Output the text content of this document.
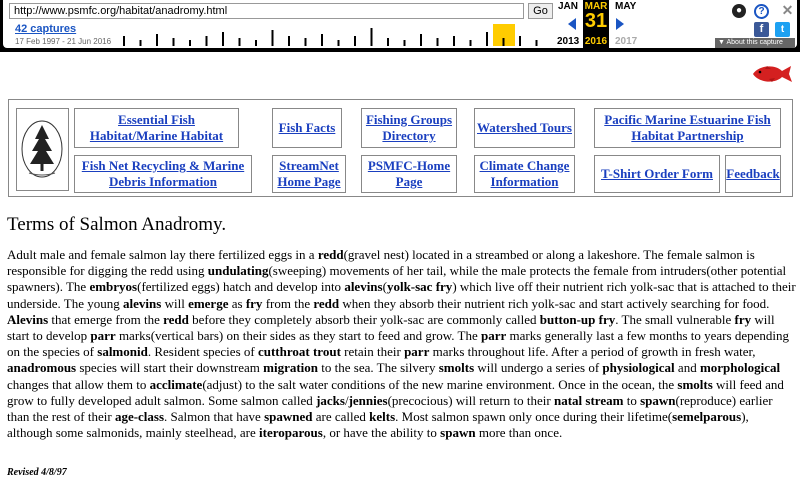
http://www.psmfc.org/habitat/anadromy.html	Go
42 captures
17 Feb 1997 - 21 Jun 2016
JAN	MAY
MAR
31
2016
2013	2017
●	?	✕
f	t
▼ About this capture
Essential Fish Habitat/Marine Habitat
Fish Facts
Fishing Groups Directory
Watershed Tours
Pacific Marine Estuarine Fish Habitat Partnership
Fish Net Recycling & Marine Debris Information
StreamNet Home Page
PSMFC-Home Page
Climate Change Information
T-Shirt Order Form Feedback
Terms of Salmon Anadromy.

Adult male and female salmon lay there fertilized eggs in a redd(gravel nest) located in a streambed or along a lakeshore. The female salmon is responsible for digging the redd using undulating(sweeping) movements of her tail, while the male protects the female from intruders(other potential spawners). The embryos(fertilized eggs) hatch and develop into alevins(yolk-sac fry) which live off their nutrient rich yolk-sac that is attached to their underside. The young alevins will emerge as fry from the redd when they absorb their nutrient rich yolk-sac and start actively searching for food. Alevins that emerge from the redd before they completely absorb their yolk-sac are commonly called button-up fry. The small vulnerable fry will start to develop parr marks(vertical bars) on their sides as they start to feed and grow. The parr marks generally last a few months to years depending on the species of salmonid. Resident species of cutthroat trout retain their parr marks throughout life. After a period of growth in fresh water, anadromous species will start their downstream migration to the sea. The silvery smolts will undergo a series of physiological and morphological changes that allow them to acclimate(adjust) to the salt water conditions of the new marine environment. Once in the ocean, the smolts will feed and grow to fully developed adult salmon. Some salmon called jacks/jennies(precocious) will return to their natal stream to spawn(reproduce) earlier than the rest of their age-class. Salmon that have spawned are called kelts. Most salmon spawn only once during their lifetime(semelparous), although some salmonids, mainly steelhead, are iteroparous, or have the ability to spawn more than once.

Revised 4/8/97
